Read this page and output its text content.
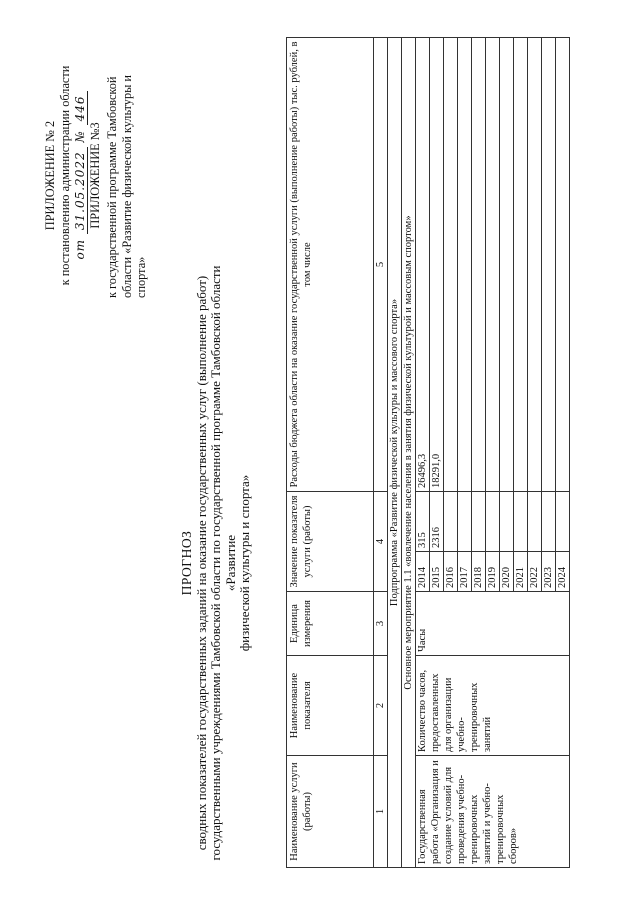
ПРИЛОЖЕНИЕ № 2 к постановлению администрации области от 31.05.2022 № 446
ПРИЛОЖЕНИЕ №3 к государственной программе Тамбовской области «Развитие физической культуры и спорта»
ПРОГНОЗ сводных показателей государственных заданий на оказание государственных услуг (выполнение работ) государственными учреждениями Тамбовской области по государственной программе Тамбовской области «Развитие физической культуры и спорта»
Наименование услуги (работы)	Наименование показателя	Единица измерения	Значение показателя услуги (работы)		Расходы бюджета области на оказание государственной услуги (выполнение работы) тыс. рублей, в том числе
1	2	3	4		5
Подпрограмма «Развитие физической культуры и массового спорта»					
Основное мероприятие 1.1 «вовлечение населения в занятия физической культурой и массовым спортом»					
Государственная работа «Организация и создание условий для проведения учебно-тренировочных занятий и учебно-тренировочных сборов»	Количество часов, предоставленных для организации учебно-тренировочных занятий	Часы	2014	315	26496,3
			2015	2316	18291,0
			2016		
			2017		
			2018		
			2019		
			2020		
			2021		
			2022		
			2023		
			2024		
